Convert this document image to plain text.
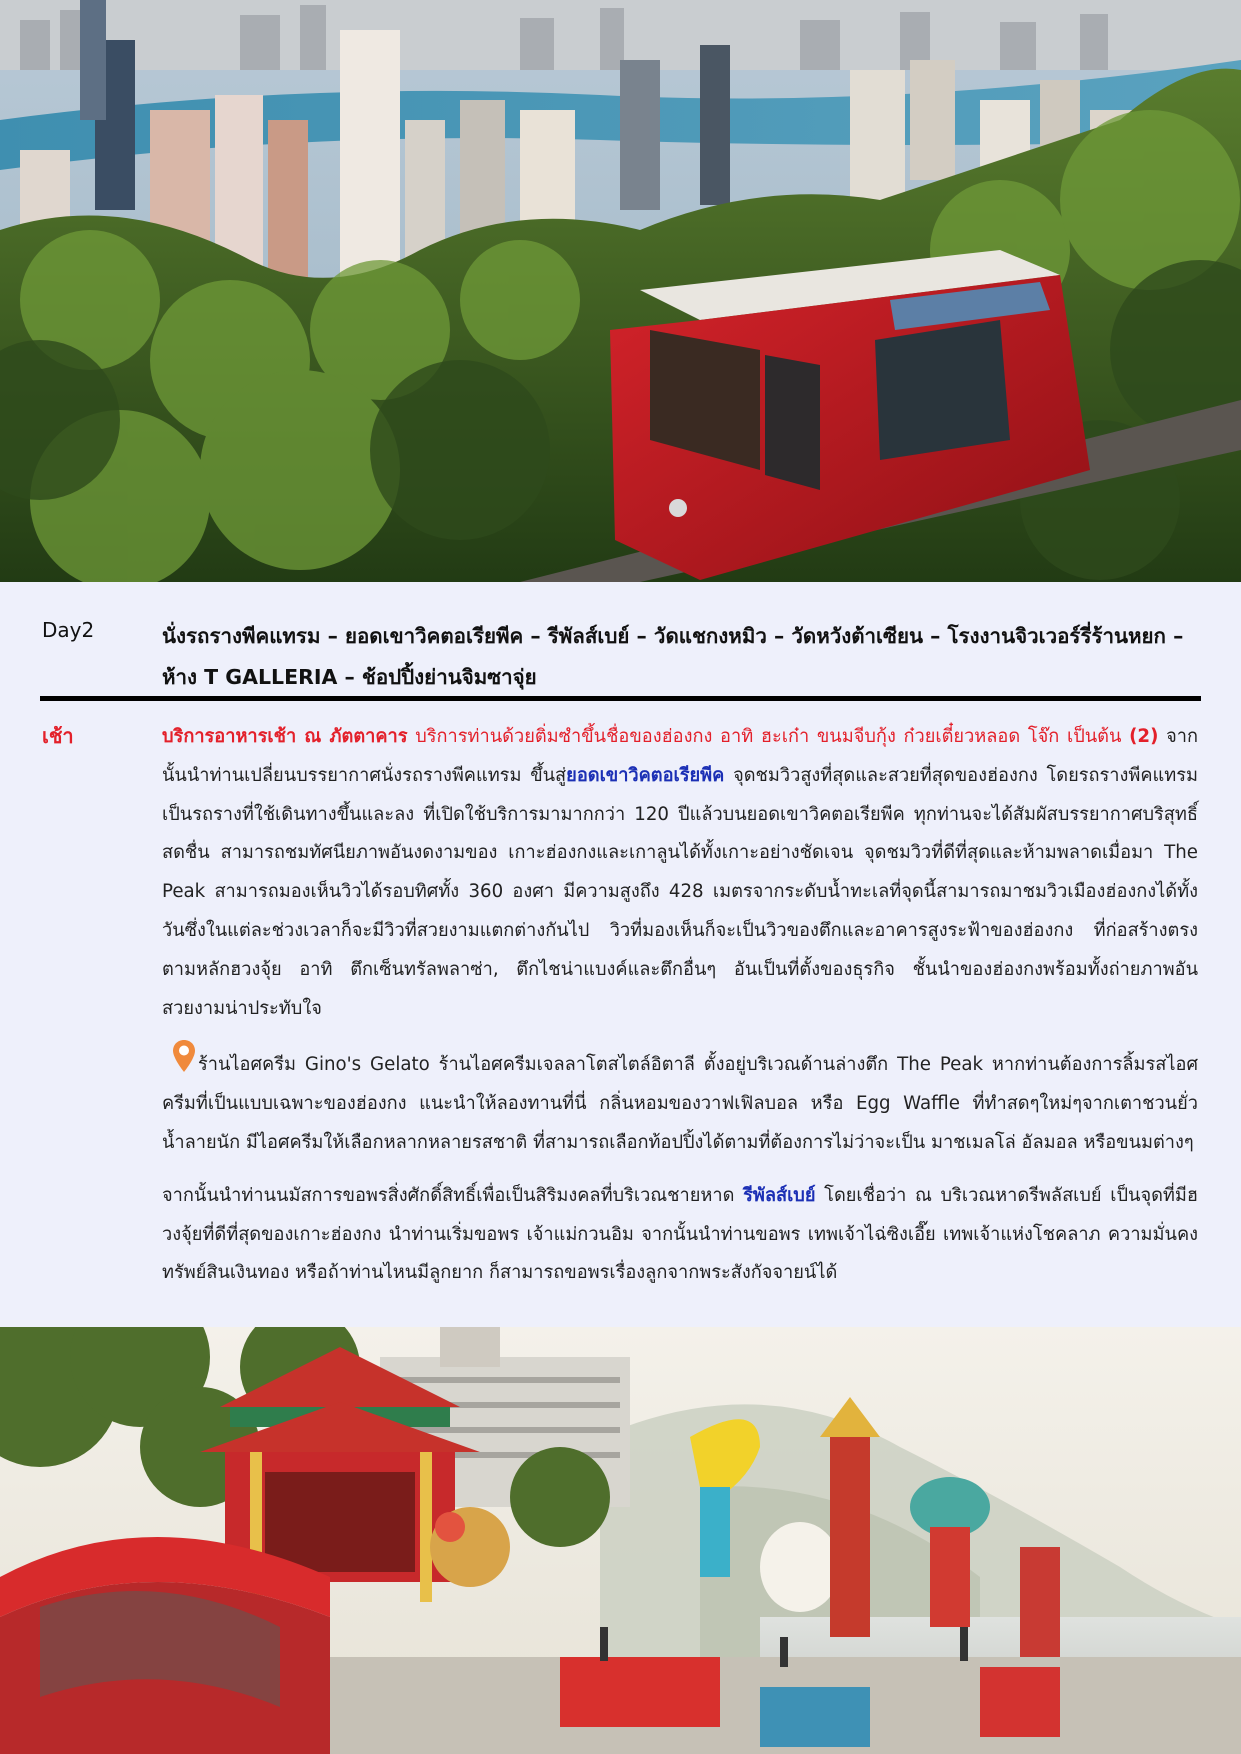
Day2	นั่งรถรางพีคแทรม – ยอดเขาวิคตอเรียพีค – รีพัลส์เบย์ – วัดแชกงหมิว – วัดหวังต้าเซียน – โรงงานจิวเวอร์รี่ร้านหยก – ห้าง T GALLERIA – ช้อปปิ้งย่านจิมซาจุ่ย
เช้า	บริการอาหารเช้า ณ ภัตตาคาร บริการท่านด้วยติ่มซำขึ้นชื่อของฮ่องกง อาทิ ฮะเก๋า ขนมจีบกุ้ง ก๋วยเตี๋ยวหลอด โจ๊ก เป็นต้น (2) จากนั้นนำท่านเปลี่ยนบรรยากาศนั่งรถรางพีคแทรม ขึ้นสู่ยอดเขาวิคตอเรียพีค จุดชมวิวสูงที่สุดและสวยที่สุดของฮ่องกง โดยรถรางพีคแทรม เป็นรถรางที่ใช้เดินทางขึ้นและลง ที่เปิดใช้บริการมามากกว่า 120 ปีแล้วบนยอดเขาวิคตอเรียพีค ทุกท่านจะได้สัมผัสบรรยากาศบริสุทธิ์สดชื่น สามารถชมทัศนียภาพอันงดงามของ เกาะฮ่องกงและเกาลูนได้ทั้งเกาะอย่างชัดเจน จุดชมวิวที่ดีที่สุดและห้ามพลาดเมื่อมา The Peak สามารถมองเห็นวิวได้รอบทิศทั้ง 360 องศา มีความสูงถึง 428 เมตรจากระดับน้ำทะเลที่จุดนี้สามารถมาชมวิวเมืองฮ่องกงได้ทั้งวันซึ่งในแต่ละช่วงเวลาก็จะมีวิวที่สวยงามแตกต่างกันไป วิวที่มองเห็นก็จะเป็นวิวของตึกและอาคารสูงระฟ้าของฮ่องกง ที่ก่อสร้างตรงตามหลักฮวงจุ้ย อาทิ ตึกเซ็นทรัลพลาซ่า, ตึกไชน่าแบงค์และตึกอื่นๆ อันเป็นที่ตั้งของธุรกิจ ชั้นนำของฮ่องกงพร้อมทั้งถ่ายภาพอันสวยงามน่าประทับใจ

ร้านไอศครีม Gino's Gelato ร้านไอศครีมเจลลาโตสไตล์อิตาลี ตั้งอยู่บริเวณด้านล่างตึก The Peak หากท่านต้องการลิ้มรสไอศครีมที่เป็นแบบเฉพาะของฮ่องกง แนะนำให้ลองทานที่นี่ กลิ่นหอมของวาฟเฟิลบอล หรือ Egg Waffle ที่ทำสดๆใหม่ๆจากเตาชวนยั่วน้ำลายนัก มีไอศครีมให้เลือกหลากหลายรสชาติ ที่สามารถเลือกท้อปปิ้งได้ตามที่ต้องการไม่ว่าจะเป็น มาชเมลโล่ อัลมอล หรือขนมต่างๆ

จากนั้นนำท่านนมัสการขอพรสิ่งศักดิ์สิทธิ์เพื่อเป็นสิริมงคลที่บริเวณชายหาด รีพัลส์เบย์ โดยเชื่อว่า ณ บริเวณหาดรีพลัสเบย์ เป็นจุดที่มีฮวงจุ้ยที่ดีที่สุดของเกาะฮ่องกง นำท่านเริ่มขอพร เจ้าแม่กวนอิม จากนั้นนำท่านขอพร เทพเจ้าไฉ่ซิงเอี๊ย เทพเจ้าแห่งโชคลาภ ความมั่นคงทรัพย์สินเงินทอง หรือถ้าท่านไหนมีลูกยาก ก็สามารถขอพรเรื่องลูกจากพระสังกัจจายน์ได้
